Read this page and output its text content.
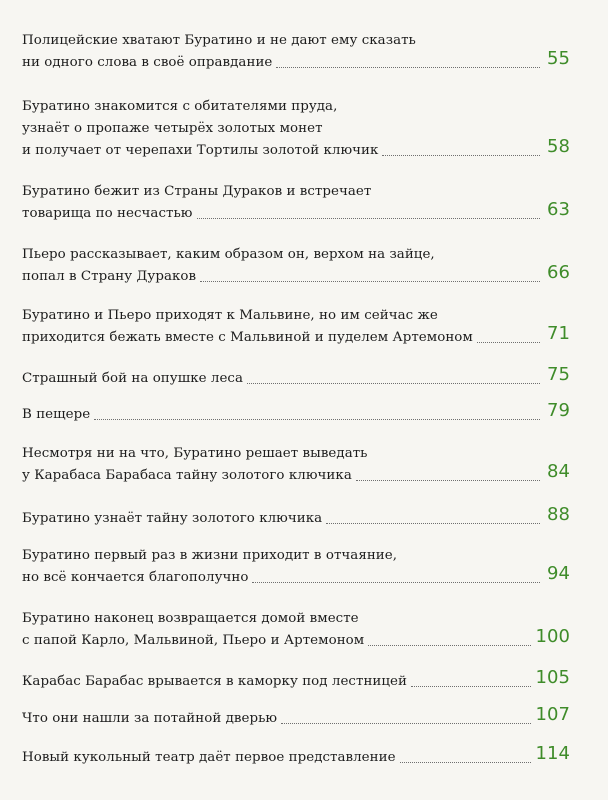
Полицейские хватают Буратино и не дают ему сказать
ни одного слова в своё оправдание	55
Буратино знакомится с обитателями пруда,
узнаёт о пропаже четырёх золотых монет
и получает от черепахи Тортилы золотой ключик	58
Буратино бежит из Страны Дураков и встречает
товарища по несчастью	63
Пьеро рассказывает, каким образом он, верхом на зайце,
попал в Страну Дураков	66
Буратино и Пьеро приходят к Мальвине, но им сейчас же
приходится бежать вместе с Мальвиной и пуделем Артемоном	71
Страшный бой на опушке леса	75
В пещере	79
Несмотря ни на что, Буратино решает выведать
у Карабаса Барабаса тайну золотого ключика	84
Буратино узнаёт тайну золотого ключика	88
Буратино первый раз в жизни приходит в отчаяние,
но всё кончается благополучно	94
Буратино наконец возвращается домой вместе
с папой Карло, Мальвиной, Пьеро и Артемоном	100
Карабас Барабас врывается в каморку под лестницей	105
Что они нашли за потайной дверью	107
Новый кукольный театр даёт первое представление	114
